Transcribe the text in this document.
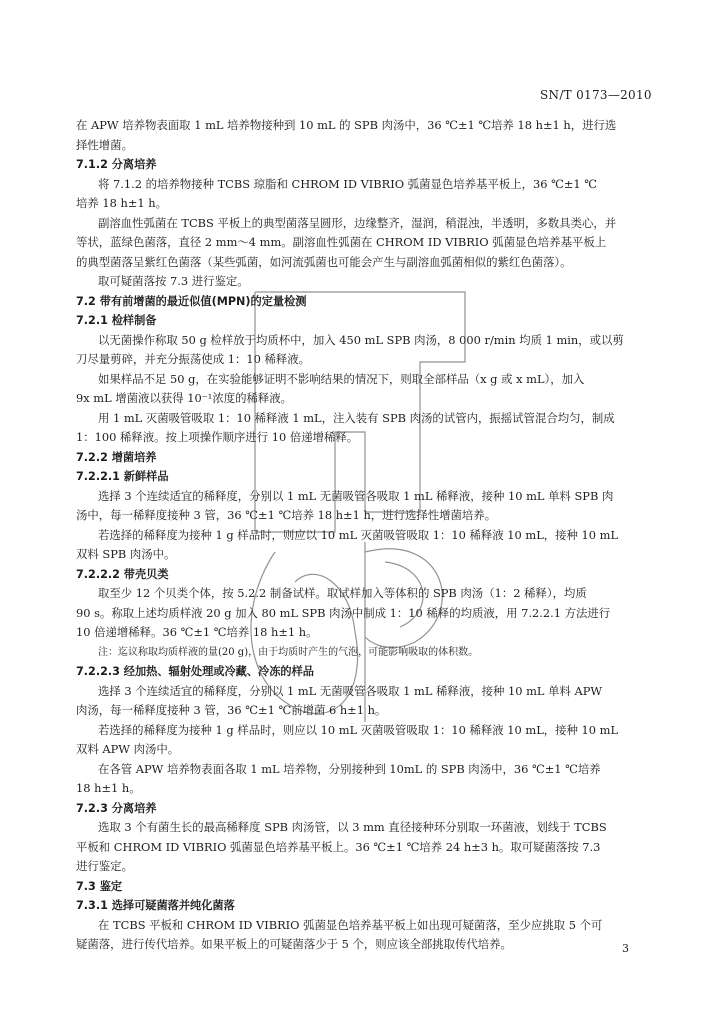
SN/T 0173—2010
在 APW 培养物表面取 1 mL 培养物接种到 10 mL 的 SPB 肉汤中，36 ℃±1 ℃培养 18 h±1 h，进行选
择性增菌。
7.1.2 分离培养
将 7.1.2 的培养物接种 TCBS 琼脂和 CHROM ID VIBRIO 弧菌显色培养基平板上，36 ℃±1 ℃
培养 18 h±1 h。
副溶血性弧菌在 TCBS 平板上的典型菌落呈圆形，边缘整齐，湿润，稍混浊，半透明，多数具类心，并
等状，蓝绿色菌落，直径 2 mm～4 mm。副溶血性弧菌在 CHROM ID VIBRIO 弧菌显色培养基平板上
的典型菌落呈紫红色菌落（某些弧菌，如河流弧菌也可能会产生与副溶血弧菌相似的紫红色菌落）。
取可疑菌落按 7.3 进行鉴定。
7.2 带有前增菌的最近似值(MPN)的定量检测
7.2.1 检样制备
以无菌操作称取 50 g 检样放于均质杯中，加入 450 mL SPB 肉汤，8 000 r/min 均质 1 min，或以剪
刀尽量剪碎，并充分振荡使成 1：10 稀释液。
如果样品不足 50 g，在实验能够证明不影响结果的情况下，则取全部样品（x g 或 x mL），加入
9x mL 增菌液以获得 10⁻¹浓度的稀释液。
用 1 mL 灭菌吸管吸取 1：10 稀释液 1 mL，注入装有 SPB 肉汤的试管内，振摇试管混合均匀，制成
1：100 稀释液。按上项操作顺序进行 10 倍递增稀释。
7.2.2 增菌培养
7.2.2.1 新鲜样品
选择 3 个连续适宜的稀释度，分别以 1 mL 无菌吸管各吸取 1 mL 稀释液，接种 10 mL 单料 SPB 肉
汤中，每一稀释度接种 3 管，36 ℃±1 ℃培养 18 h±1 h，进行选择性增菌培养。
若选择的稀释度为接种 1 g 样品时，则应以 10 mL 灭菌吸管吸取 1：10 稀释液 10 mL，接种 10 mL
双料 SPB 肉汤中。
7.2.2.2 带壳贝类
取至少 12 个贝类个体，按 5.2.2 制备试样。取试样加入等体积的 SPB 肉汤（1：2 稀释），均质
90 s。称取上述均质样液 20 g 加入 80 mL SPB 肉汤中制成 1：10 稀释的均质液，用 7.2.2.1 方法进行
10 倍递增稀释。36 ℃±1 ℃培养 18 h±1 h。
注：迄议称取均质样液的量(20 g)，由于均质时产生的气泡，可能影响吸取的体积数。
7.2.2.3 经加热、辐射处理或冷藏、冷冻的样品
选择 3 个连续适宜的稀释度，分别以 1 mL 无菌吸管各吸取 1 mL 稀释液，接种 10 mL 单料 APW
肉汤，每一稀释度接种 3 管，36 ℃±1 ℃前增菌 6 h±1 h。
若选择的稀释度为接种 1 g 样品时，则应以 10 mL 灭菌吸管吸取 1：10 稀释液 10 mL，接种 10 mL
双料 APW 肉汤中。
在各管 APW 培养物表面各取 1 mL 培养物，分别接种到 10mL 的 SPB 肉汤中，36 ℃±1 ℃培养
18 h±1 h。
7.2.3 分离培养
选取 3 个有菌生长的最高稀释度 SPB 肉汤管，以 3 mm 直径接种环分别取一环菌液，划线于 TCBS
平板和 CHROM ID VIBRIO 弧菌显色培养基平板上。36 ℃±1 ℃培养 24 h±3 h。取可疑菌落按 7.3
进行鉴定。
7.3 鉴定
7.3.1 选择可疑菌落并纯化菌落
在 TCBS 平板和 CHROM ID VIBRIO 弧菌显色培养基平板上如出现可疑菌落，至少应挑取 5 个可
疑菌落，进行传代培养。如果平板上的可疑菌落少于 5 个，则应该全部挑取传代培养。	3
